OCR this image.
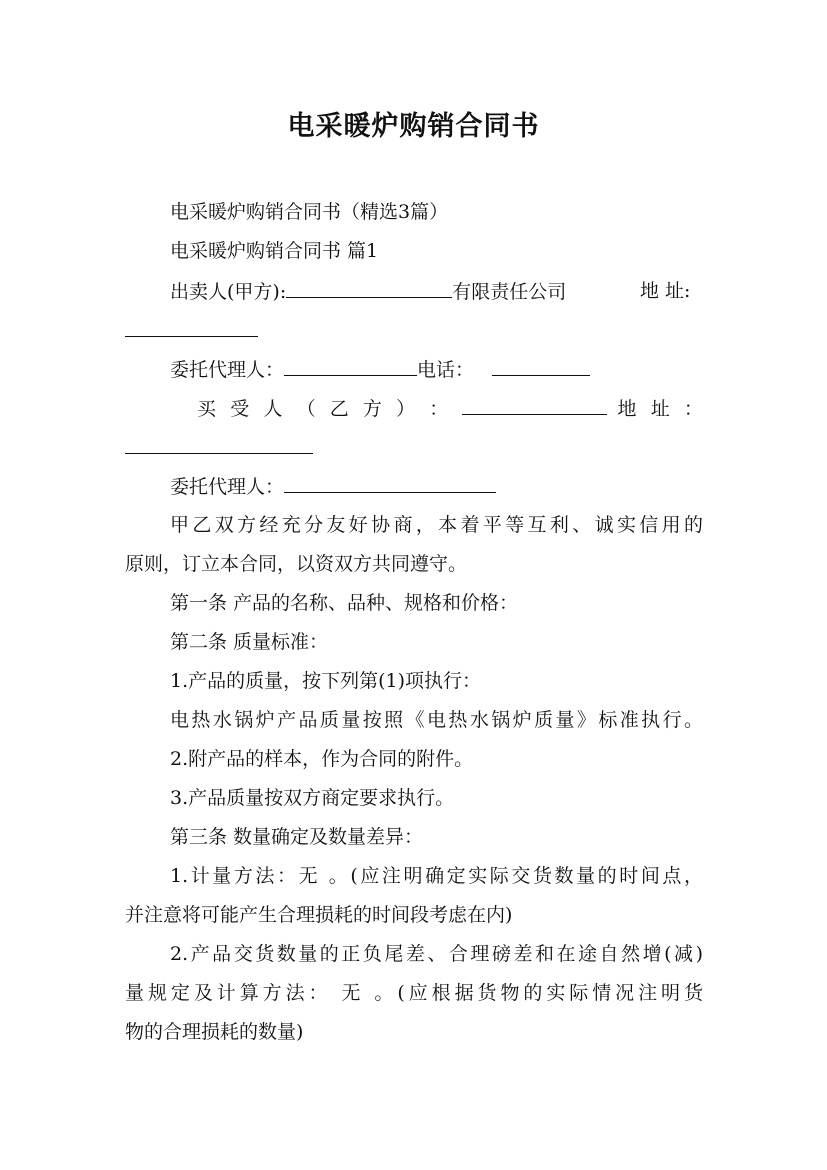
电采暖炉购销合同书
电采暖炉购销合同书（精选3篇）
电采暖炉购销合同书 篇1
出卖人(甲方):	有限责任公司	地 址:
委托代理人：	电话：
买 受 人 （ 乙 方 ） ：	地 址 ：
委托代理人：
甲乙双方经充分友好协商，本着平等互利、诚实信用的
原则，订立本合同，以资双方共同遵守。
第一条 产品的名称、品种、规格和价格：
第二条 质量标准：
1.产品的质量，按下列第(1)项执行：
电热水锅炉产品质量按照《电热水锅炉质量》标准执行。
2.附产品的样本，作为合同的附件。
3.产品质量按双方商定要求执行。
第三条 数量确定及数量差异：
1.计量方法：无 。(应注明确定实际交货数量的时间点，
并注意将可能产生合理损耗的时间段考虑在内)
2.产品交货数量的正负尾差、合理磅差和在途自然增(减)
量规定及计算方法： 无 。(应根据货物的实际情况注明货
物的合理损耗的数量)
